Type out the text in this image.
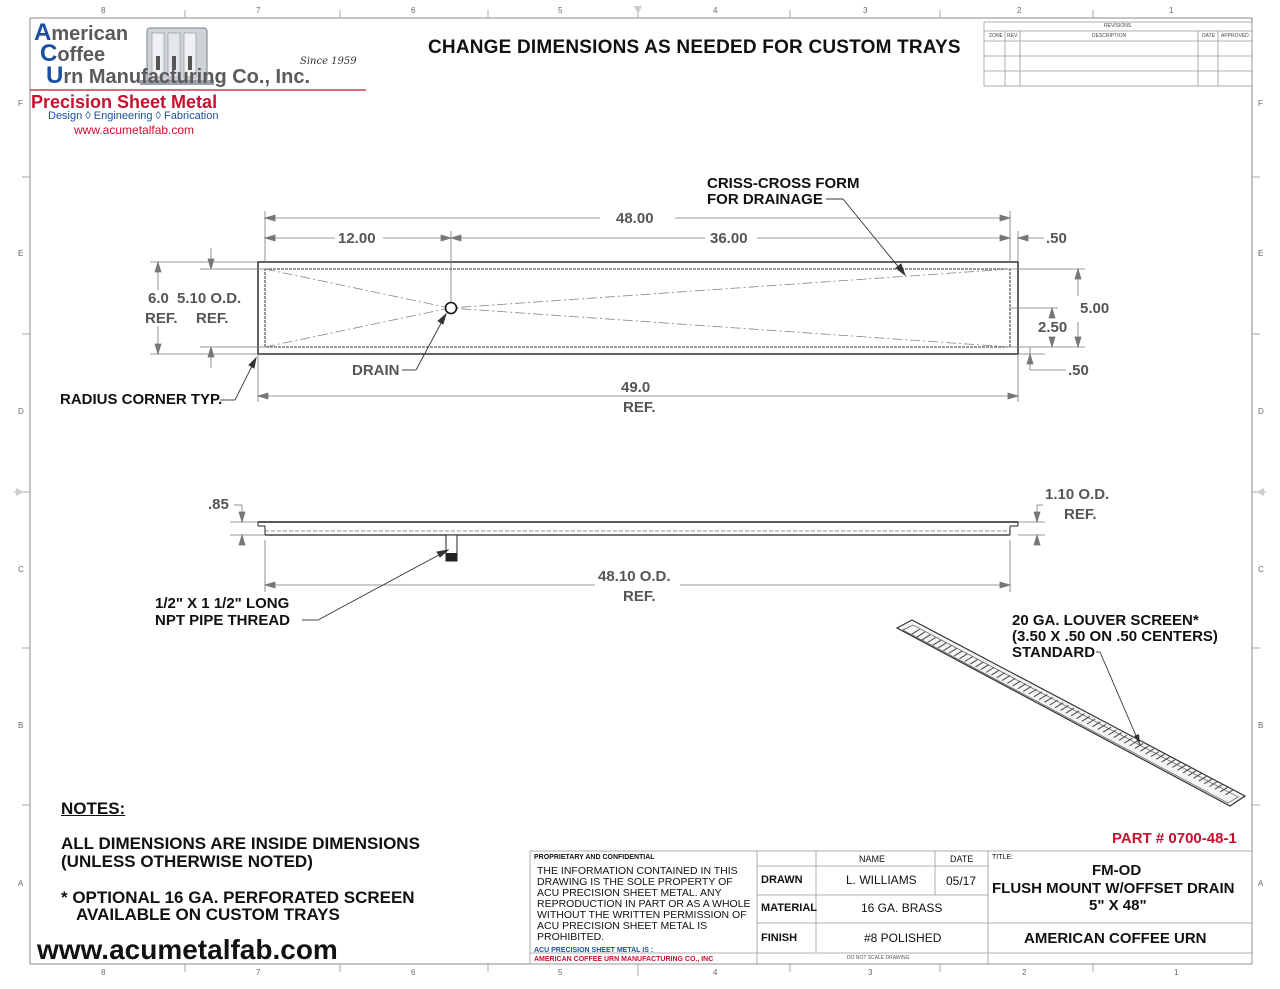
8	7	6	5	4	3	2	1
8	7	6	5	4	3	2	1
F
E
D
C
B
A
F
E
D
C
B
A
American
Coffee
Urn Manufacturing Co., Inc.
Since 1959
Precision Sheet Metal
Design ◊ Engineering ◊ Fabrication
www.acumetalfab.com
CHANGE DIMENSIONS AS NEEDED FOR CUSTOM TRAYS
REVISIONS
ZONE REV.	DESCRIPTION	DATE APPROVED
CRISS-CROSS FORM
FOR DRAINAGE
48.00
12.00	36.00	.50
6.0
REF.
5.10 O.D.
REF.
5.00
2.50
.50
DRAIN
RADIUS CORNER TYP.
49.0
REF.
.85
1.10 O.D.
REF.
48.10 O.D.
REF.
1/2" X 1 1/2" LONG
NPT PIPE THREAD	20 GA. LOUVER SCREEN*
(3.50 X .50 ON .50 CENTERS)
STANDARD
NOTES:
ALL DIMENSIONS ARE INSIDE DIMENSIONS
(UNLESS OTHERWISE NOTED)
* OPTIONAL 16 GA. PERFORATED SCREEN
AVAILABLE ON CUSTOM TRAYS
www.acumetalfab.com
PART # 0700-48-1
PROPRIETARY AND CONFIDENTIAL
THE INFORMATION CONTAINED IN THIS
DRAWING IS THE SOLE PROPERTY OF
ACU PRECISION SHEET METAL. ANY
REPRODUCTION IN PART OR AS A WHOLE
WITHOUT THE WRITTEN PERMISSION OF
ACU PRECISION SHEET METAL IS
PROHIBITED.
ACU PRECISION SHEET METAL IS :
AMERICAN COFFEE URN MANUFACTURING CO., INC
NAME	DATE
DRAWN	L. WILLIAMS 05/17
MATERIAL	16 GA. BRASS
FINISH	#8 POLISHED
DO NOT SCALE DRAWING
TITLE:
FM-OD
FLUSH MOUNT W/OFFSET DRAIN
5" X 48"
AMERICAN COFFEE URN
